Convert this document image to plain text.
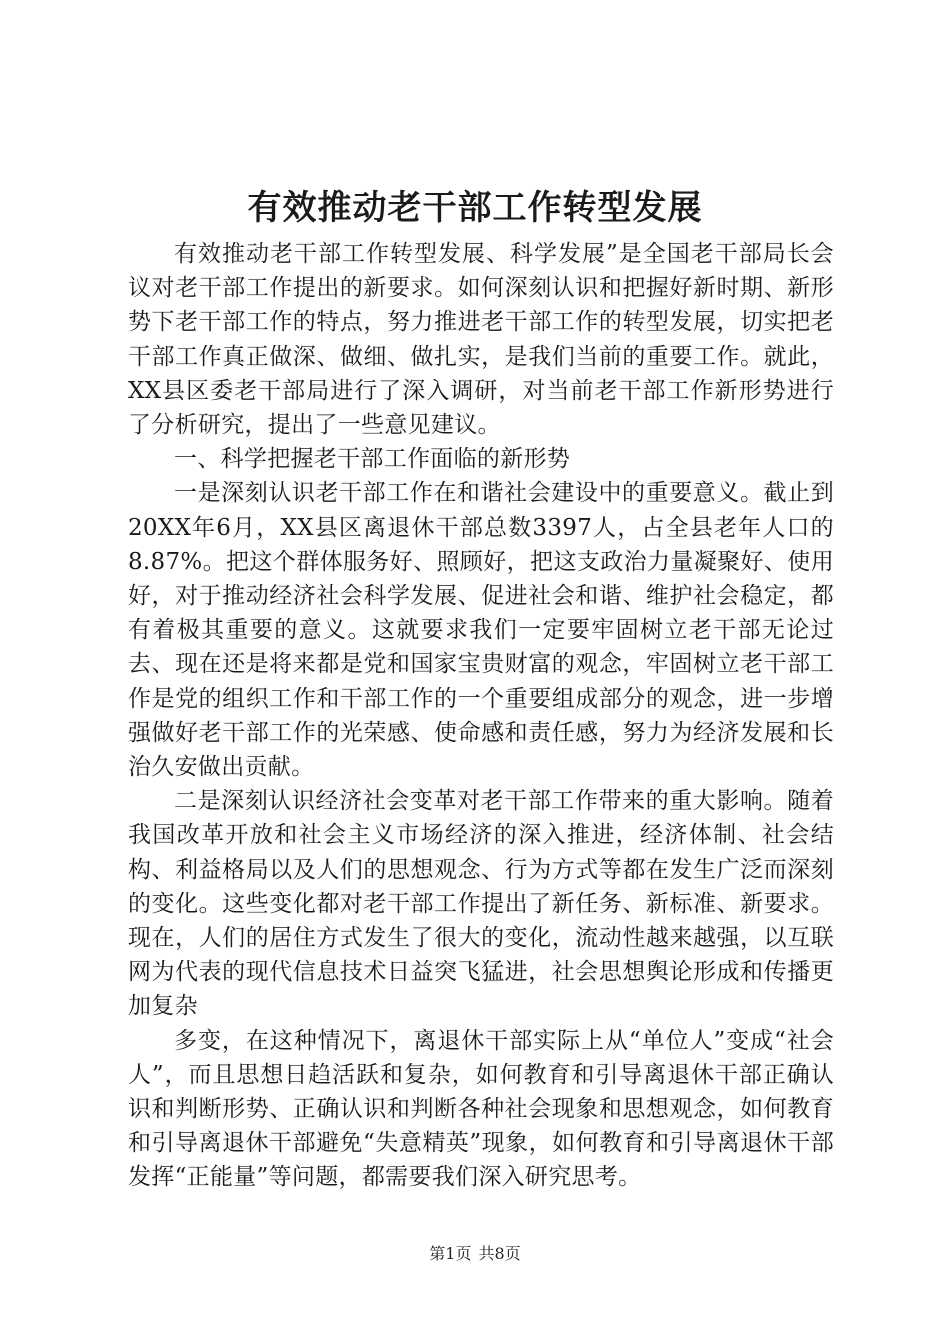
有效推动老干部工作转型发展

有效推动老干部工作转型发展、科学发展”是全国老干部局长会议对老干部工作提出的新要求。如何深刻认识和把握好新时期、新形势下老干部工作的特点，努力推进老干部工作的转型发展，切实把老干部工作真正做深、做细、做扎实，是我们当前的重要工作。就此，XX县区委老干部局进行了深入调研，对当前老干部工作新形势进行了分析研究，提出了一些意见建议。

一、科学把握老干部工作面临的新形势

一是深刻认识老干部工作在和谐社会建设中的重要意义。截止到20XX年6月，XX县区离退休干部总数3397人，占全县老年人口的8.87%。把这个群体服务好、照顾好，把这支政治力量凝聚好、使用好，对于推动经济社会科学发展、促进社会和谐、维护社会稳定，都有着极其重要的意义。这就要求我们一定要牢固树立老干部无论过去、现在还是将来都是党和国家宝贵财富的观念，牢固树立老干部工作是党的组织工作和干部工作的一个重要组成部分的观念，进一步增强做好老干部工作的光荣感、使命感和责任感，努力为经济发展和长治久安做出贡献。

二是深刻认识经济社会变革对老干部工作带来的重大影响。随着我国改革开放和社会主义市场经济的深入推进，经济体制、社会结构、利益格局以及人们的思想观念、行为方式等都在发生广泛而深刻的变化。这些变化都对老干部工作提出了新任务、新标准、新要求。现在，人们的居住方式发生了很大的变化，流动性越来越强，以互联网为代表的现代信息技术日益突飞猛进，社会思想舆论形成和传播更加复杂

多变，在这种情况下，离退休干部实际上从“单位人”变成“社会人”，而且思想日趋活跃和复杂，如何教育和引导离退休干部正确认识和判断形势、正确认识和判断各种社会现象和思想观念，如何教育和引导离退休干部避免“失意精英”现象，如何教育和引导离退休干部发挥“正能量”等问题，都需要我们深入研究思考。

第1页 共8页
